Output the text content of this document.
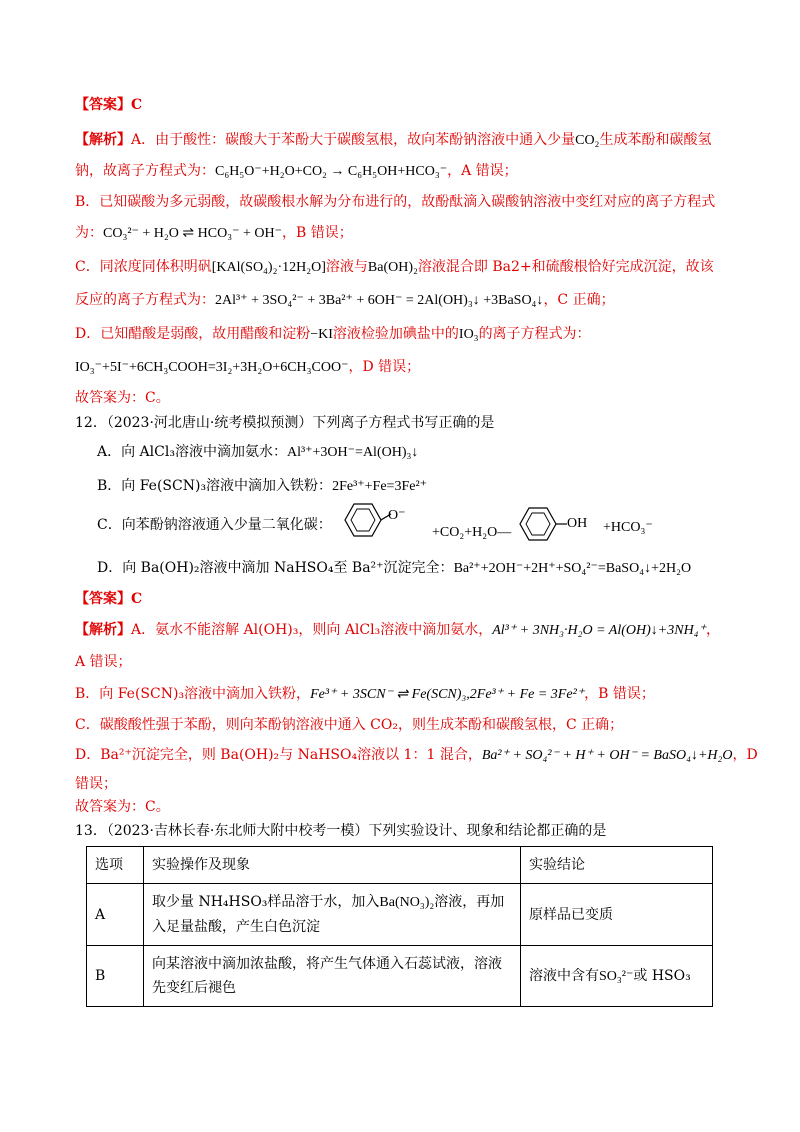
【答案】C
【解析】A．由于酸性：碳酸大于苯酚大于碳酸氢根，故向苯酚钠溶液中通入少量CO₂生成苯酚和碳酸氢
钠，故离子方程式为：C₆H₅O⁻+H₂O+CO₂ → C₆H₅OH+HCO₃⁻，A 错误；
B．已知碳酸为多元弱酸，故碳酸根水解为分布进行的，故酚酞滴入碳酸钠溶液中变红对应的离子方程式
为：CO₃²⁻ + H₂O ⇌ HCO₃⁻ + OH⁻，B 错误；
C．同浓度同体积明矾[KAl(SO₄)₂·12H₂O]溶液与Ba(OH)₂溶液混合即 Ba2+和硫酸根恰好完成沉淀，故该
反应的离子方程式为：2Al³⁺ + 3SO₄²⁻ + 3Ba²⁺ + 6OH⁻ = 2Al(OH)₃↓ +3BaSO₄↓，C 正确；
D．已知醋酸是弱酸，故用醋酸和淀粉−KI溶液检验加碘盐中的IO₃的离子方程式为：
IO₃⁻+5I⁻+6CH₃COOH=3I₂+3H₂O+6CH₃COO⁻，D 错误；
故答案为：C。
12．（2023·河北唐山·统考模拟预测）下列离子方程式书写正确的是
A．向 AlCl₃溶液中滴加氨水：Al³⁺+3OH⁻=Al(OH)₃↓
B．向 Fe(SCN)₃溶液中滴加入铁粉：2Fe³⁺+Fe=3Fe²⁺
C．向苯酚钠溶液通入少量二氧化碳：
O⁻
+CO₂+H₂O—
OH +HCO₃⁻
D．向 Ba(OH)₂溶液中滴加 NaHSO₄至 Ba²⁺沉淀完全：Ba²⁺+2OH⁻+2H⁺+SO₄²⁻=BaSO₄↓+2H₂O
【答案】C
【解析】A．氨水不能溶解 Al(OH)₃，则向 AlCl₃溶液中滴加氨水，Al³⁺ + 3NH₃·H₂O = Al(OH)↓+3NH₄⁺，
A 错误；
B．向 Fe(SCN)₃溶液中滴加入铁粉，Fe³⁺ + 3SCN⁻ ⇌ Fe(SCN)₃,2Fe³⁺ + Fe = 3Fe²⁺，B 错误；
C．碳酸酸性强于苯酚，则向苯酚钠溶液中通入 CO₂，则生成苯酚和碳酸氢根，C 正确；
D．Ba²⁺沉淀完全，则 Ba(OH)₂与 NaHSO₄溶液以 1：1 混合，Ba²⁺ + SO₄²⁻ + H⁺ + OH⁻ = BaSO₄↓+H₂O，D
错误；
故答案为：C。
13．（2023·吉林长春·东北师大附中校考一模）下列实验设计、现象和结论都正确的是
选项	实验操作及现象	实验结论
A	取少量 NH₄HSO₃样品溶于水，加入Ba(NO₃)₂溶液，再加
入足量盐酸，产生白色沉淀	原样品已变质
B	向某溶液中滴加浓盐酸，将产生气体通入石蕊试液，溶液
先变红后褪色	溶液中含有SO₃²⁻或 HSO₃
